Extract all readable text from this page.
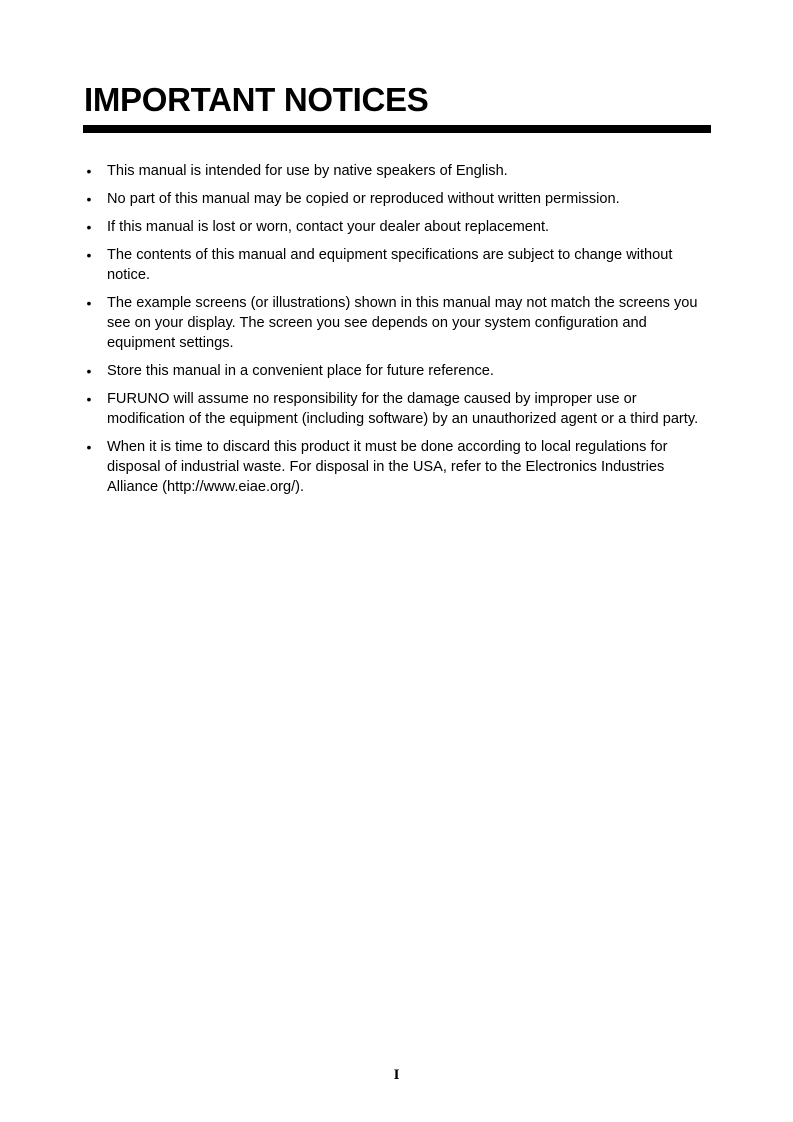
IMPORTANT NOTICES
• This manual is intended for use by native speakers of English.
• No part of this manual may be copied or reproduced without written permission.
• If this manual is lost or worn, contact your dealer about replacement.
• The contents of this manual and equipment specifications are subject to change without notice.
• The example screens (or illustrations) shown in this manual may not match the screens you see on your display. The screen you see depends on your system configuration and equipment settings.
• Store this manual in a convenient place for future reference.
• FURUNO will assume no responsibility for the damage caused by improper use or modification of the equipment (including software) by an unauthorized agent or a third party.
• When it is time to discard this product it must be done according to local regulations for disposal of industrial waste. For disposal in the USA, refer to the Electronics Industries Alliance (http://www.eiae.org/).
I
